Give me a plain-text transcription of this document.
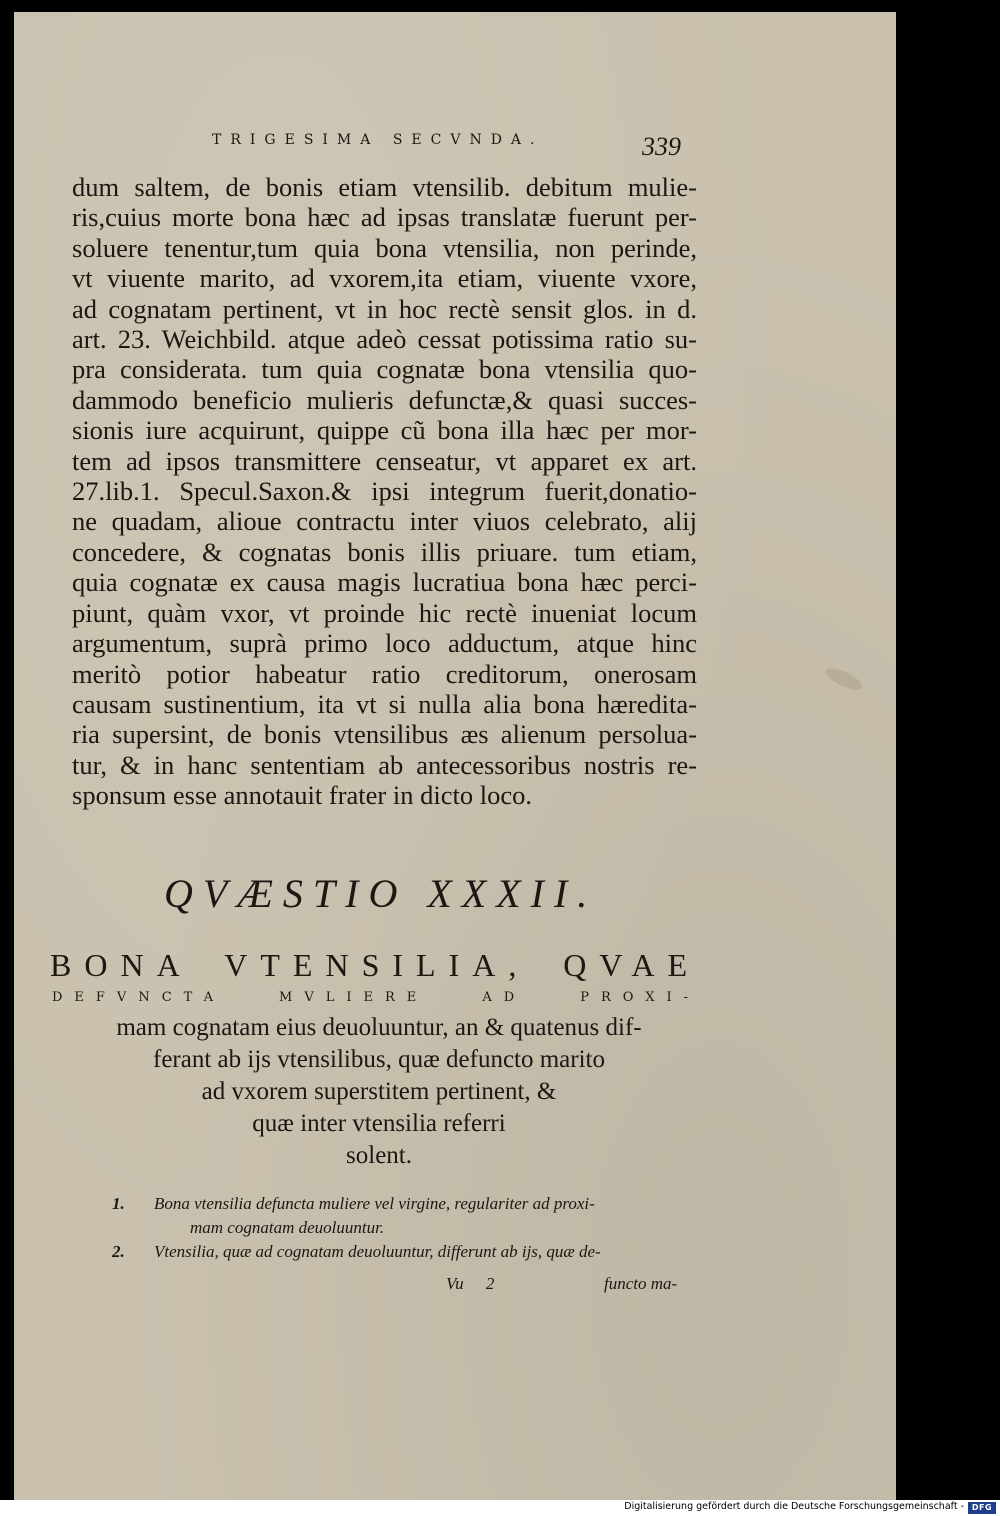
TRIGESIMA SECVNDA.	339
dum saltem, de bonis etiam vtensilib. debitum mulie-
ris,cuius morte bona hæc ad ipsas translatæ fuerunt per-
soluere tenentur,tum quia bona vtensilia, non perinde,
vt viuente marito, ad vxorem,ita etiam, viuente vxore,
ad cognatam pertinent, vt in hoc rectè sensit glos. in d.
art. 23. Weichbild. atque adeò cessat potissima ratio su-
pra considerata. tum quia cognatæ bona vtensilia quo-
dammodo beneficio mulieris defunctæ,& quasi succes-
sionis iure acquirunt, quippe cũ bona illa hæc per mor-
tem ad ipsos transmittere censeatur, vt apparet ex art.
27.lib.1. Specul.Saxon.& ipsi integrum fuerit,donatio-
ne quadam, alioue contractu inter viuos celebrato, alij
concedere, & cognatas bonis illis priuare. tum etiam,
quia cognatæ ex causa magis lucratiua bona hæc perci-
piunt, quàm vxor, vt proinde hic rectè inueniat locum
argumentum, suprà primo loco adductum, atque hinc
meritò potior habeatur ratio creditorum, onerosam
causam sustinentium, ita vt si nulla alia bona hæredita-
ria supersint, de bonis vtensilibus æs alienum persolua-
tur, & in hanc sententiam ab antecessoribus nostris re-
sponsum esse annotauit frater in dicto loco.
QVÆSTIO XXXII.
BONA VTENSILIA, QVAE
DEFVNCTA MVLIERE AD PROXI-
mam cognatam eius deuoluuntur, an & quatenus dif-
ferant ab ijs vtensilibus, quæ defuncto marito
ad vxorem superstitem pertinent, &
quæ inter vtensilia referri
solent.
1. Bona vtensilia defuncta muliere vel virgine, regulariter ad proxi-
mam cognatam deuoluuntur.
2. Vtensilia, quæ ad cognatam deuoluuntur, differunt ab ijs, quæ de-
Vu 2	functo ma-
Digitalisierung gefördert durch die Deutsche Forschungsgemeinschaft - DFG
